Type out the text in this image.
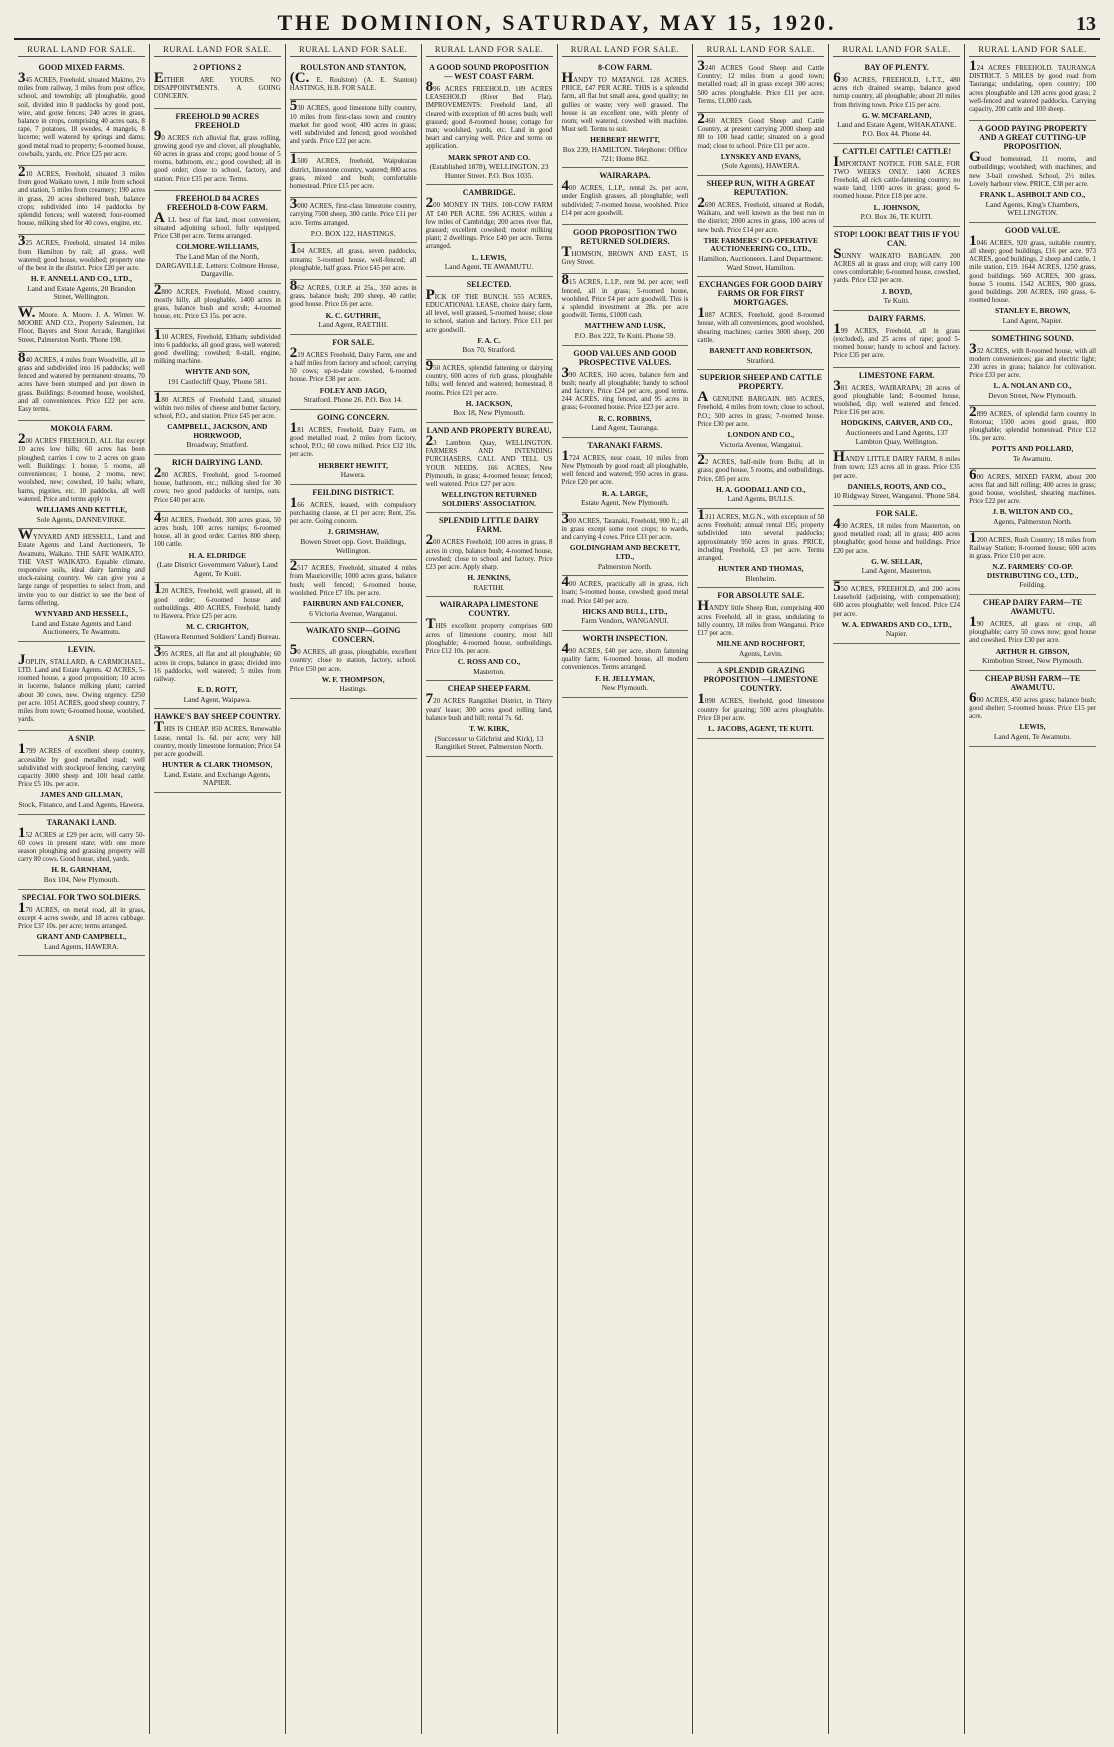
THE DOMINION, SATURDAY, MAY 15, 1920.	13
RURAL LAND FOR SALE.
GOOD MIXED FARMS.
345 ACRES, Freehold, situated Makino, 2½ miles from railway, 3 miles from post office, school, and township; all ploughable, good soil, divided into 8 paddocks by good post, wire, and gorse fences; 240 acres in grass, balance in crops, comprising 40 acres oats, 8 rape, 7 potatoes, 18 swedes, 4 mangels, 8 lucerne; well watered by springs and dams; good metal road to property; 6-roomed house, cowbails, yards, etc. Price £25 per acre.
210 ACRES, Freehold, situated 3 miles from good Waikato town, 1 mile from school and station, 5 miles from creamery; 190 acres in grass, 20 acres sheltered bush, balance crops; subdivided into 14 paddocks by splendid fences; well watered; four-roomed house, milking shed for 40 cows, engine, etc.
325 ACRES, Freehold, situated 14 miles from Hamilton by rail; all grass, well watered; good house, woolshed; property one of the best in the district. Price £20 per acre.
H. F. ANNELL AND CO., LTD.,
Land and Estate Agents, 20 Brandon Street, Wellington.
W. Moore. A. Moore. J. A. Winter. W. MOORE AND CO., Property Salesmen, 1st Floor, Bayers and Stout Arcade, Rangitikei Street, Palmerston North. 'Phone 198.
840 ACRES, 4 miles from Woodville, all in grass and subdivided into 16 paddocks; well fenced and watered by permanent streams, 70 acres have been stumped and put down in grass. Buildings: 8-roomed house, woolshed, and all conveniences. Price £22 per acre. Easy terms.
MOKOIA FARM.
200 ACRES FREEHOLD, ALL flat except 10 acres low hills; 60 acres has been ploughed; carries 1 cow to 2 acres on grass well. Buildings: 1 house, 5 rooms, all conveniences; 1 house, 2 rooms, new; woolshed, new; cowshed, 10 bails; whare, barns, pigsties, etc. 10 paddocks, all well watered. Price and terms apply to
WILLIAMS AND KETTLE,
Sole Agents, DANNEVIRKE.
WYNYARD AND HESSELL, Land and Estate Agents and Land Auctioneers, Te Awamutu, Waikato. THE SAFE WAIKATO. THE VAST WAIKATO. Equable climate, responsive soils, ideal dairy farming and stock-raising country. We can give you a large range of properties to select from, and invite you to our district to see the best of farms offering.
WYNYARD AND HESSELL,
Land and Estate Agents and Land Auctioneers, Te Awamutu.
LEVIN.
JOPLIN, STALLARD, & CARMICHAEL, LTD. Land and Estate Agents. 42 ACRES, 5-roomed house, a good proposition; 10 acres in lucerne, balance milking plant; carried about 30 cows, new. Owing urgency. £250 per acre. 1051 ACRES, good sheep country, 7 miles from town; 6-roomed house, woolshed, yards.
A SNIP.
1799 ACRES of excellent sheep country, accessible by good metalled road; well subdivided with stockproof fencing, carrying capacity 3000 sheep and 100 head cattle. Price £5 10s. per acre.
JAMES AND GILLMAN,
Stock, Finance, and Land Agents, Hawera.
TARANAKI LAND.
152 ACRES at £29 per acre, will carry 50-60 cows in present state; with one more season ploughing and grassing property will carry 80 cows. Good house, shed, yards.
H. R. GARNHAM,
Box 104, New Plymouth.
SPECIAL FOR TWO SOLDIERS.
170 ACRES, on metal road, all in grass, except 4 acres swede, and 18 acres cabbage. Price £37 10s. per acre; terms arranged.
GRANT AND CAMPBELL,
Land Agents, HAWERA.
RURAL LAND FOR SALE.
2 OPTIONS 2
EITHER ARE YOURS. NO DISAPPOINTMENTS. A GOING CONCERN.
FREEHOLD 90 ACRES FREEHOLD
90 ACRES rich alluvial flat, grass rolling, growing good rye and clover, all ploughable, 60 acres in grass and crops; good house of 5 rooms, bathroom, etc.; good cowshed; all in good order; close to school, factory, and station. Price £35 per acre. Terms.
FREEHOLD 84 ACRES FREEHOLD 8-COW FARM.
A LL best of flat land, most convenient, situated adjoining school, fully equipped. Price £38 per acre. Terms arranged.
COLMORE-WILLIAMS,
The Land Man of the North, DARGAVILLE. Letters: Colmore House, Dargaville.
2800 ACRES, Freehold, Mixed country, mostly hilly, all ploughable, 1400 acres in grass, balance bush and scrub; 4-roomed house, etc. Price £3 15s. per acre.
110 ACRES, Freehold, Eltham; subdivided into 6 paddocks, all good grass, well watered; good dwelling; cowshed; 8-stall, engine, milking machine.
WHYTE AND SON,
191 Castlecliff Quay, 'Phone 581.
180 ACRES of Freehold Land, situated within two miles of cheese and butter factory, school, P.O., and station. Price £45 per acre.
CAMPBELL, JACKSON, AND HORRWOOD,
Broadway, Stratford.
RICH DAIRYING LAND.
280 ACRES, Freehold, good 5-roomed house, bathroom, etc.; milking shed for 30 cows; two good paddocks of turnips, oats. Price £40 per acre.
450 ACRES, Freehold, 300 acres grass, 50 acres bush, 100 acres turnips; 6-roomed house, all in good order. Carries 800 sheep, 100 cattle.
H. A. ELDRIDGE
(Late District Government Valuer), Land Agent, Te Kuiti.
120 ACRES, Freehold, well grassed, all in good order; 6-roomed house and outbuildings. 400 ACRES, Freehold, handy to Hawera. Price £25 per acre.
M. C. CRIGHTON,
(Hawera Returned Soldiers' Land) Bureau.
395 ACRES, all flat and all ploughable; 60 acres in crops, balance in grass; divided into 16 paddocks, well watered; 5 miles from railway.
E. D. ROTT,
Land Agent, Waipawa.
HAWKE'S BAY SHEEP COUNTRY.
THIS IS CHEAP. 850 ACRES, Renewable Lease, rental 1s. 6d. per acre; very hill country, mostly limestone formation; Price £4 per acre goodwill.
HUNTER & CLARK THOMSON,
Land, Estate, and Exchange Agents, NAPIER.
RURAL LAND FOR SALE.
ROULSTON AND STANTON,
(C. E. Roulston) (A. E. Stanton) HASTINGS, H.B. FOR SALE.
530 ACRES, good limestone hilly country, 10 miles from first-class town and country market for good wool; 400 acres in grass; well subdivided and fenced; good woolshed and yards. Price £22 per acre.
1500 ACRES, freehold, Waipukurau district, limestone country, watered; 800 acres grass, mixed and bush; comfortable homestead. Price £15 per acre.
3000 ACRES, first-class limestone country, carrying 7500 sheep, 300 cattle. Price £11 per acre. Terms arranged.
P.O. BOX 122, HASTINGS.
104 ACRES, all grass, seven paddocks, streams; 5-roomed house, well-fenced; all ploughable, half grass. Price £45 per acre.
862 ACRES, O.R.P. at 25s., 350 acres in grass, balance bush; 200 sheep, 40 cattle; good house. Price £6 per acre.
K. C. GUTHRIE,
Land Agent, RAETIHI.
FOR SALE.
219 ACRES Freehold, Dairy Farm, one and a half miles from factory and school; carrying 50 cows; up-to-date cowshed, 6-roomed house. Price £38 per acre.
FOLEY AND JAGO,
Stratford. Phone 26. P.O. Box 14.
GOING CONCERN.
181 ACRES, Freehold, Dairy Farm, on good metalled road, 2 miles from factory, school, P.O.; 60 cows milked. Price £32 10s. per acre.
HERBERT HEWITT,
Hawera.
FEILDING DISTRICT.
166 ACRES, leased, with compulsory purchasing clause, at £1 per acre; Rent, 25s. per acre. Going concern.
J. GRIMSHAW,
Bowen Street opp. Govt. Buildings, Wellington.
2517 ACRES, Freehold, situated 4 miles from Mauriceville; 1000 acres grass, balance bush; well fenced; 6-roomed house, woolshed. Price £7 10s. per acre.
FAIRBURN AND FALCONER,
6 Victoria Avenue, Wanganui.
WAIKATO SNIP—GOING CONCERN.
50 ACRES, all grass, ploughable, excellent country; close to station, factory, school. Price £50 per acre.
W. F. THOMPSON,
Hastings.
RURAL LAND FOR SALE.
A GOOD SOUND PROPOSITION— WEST COAST FARM.
896 ACRES FREEHOLD, 189 ACRES LEASEHOLD (River Bed Flat). IMPROVEMENTS: Freehold land, all cleared with exception of 80 acres bush; well grassed; good 8-roomed house; cottage for man; woolshed, yards, etc. Land in good heart and carrying well. Price and terms on application.
MARK SPROT AND CO.
(Established 1878), WELLINGTON. 23 Hunter Street. P.O. Box 1035.
CAMBRIDGE.
200 MONEY IN THIS. 100-COW FARM AT £40 PER ACRE. 596 ACRES, within a few miles of Cambridge; 200 acres river flat, grassed; excellent cowshed; motor milking plant; 2 dwellings. Price £40 per acre. Terms arranged.
L. LEWIS,
Land Agent, TE AWAMUTU.
SELECTED.
PICK OF THE BUNCH. 555 ACRES, EDUCATIONAL LEASE, choice dairy farm, all level, well grassed, 5-roomed house; close to school, station and factory. Price £11 per acre goodwill.
F. A. C.
Box 70, Stratford.
950 ACRES, splendid fattening or dairying country, 600 acres of rich grass, ploughable hills; well fenced and watered; homestead, 8 rooms. Price £21 per acre.
H. JACKSON,
Box 18, New Plymouth.
LAND AND PROPERTY BUREAU,
23 Lambton Quay, WELLINGTON. FARMERS AND INTENDING PURCHASERS, CALL AND TELL US YOUR NEEDS. 166 ACRES, New Plymouth, in grass; 4-roomed house; fenced; well watered. Price £27 per acre.
WELLINGTON RETURNED SOLDIERS' ASSOCIATION.
SPLENDID LITTLE DAIRY FARM.
200 ACRES Freehold; 100 acres in grass, 8 acres in crop, balance bush; 4-roomed house, cowshed; close to school and factory. Price £23 per acre. Apply sharp.
H. JENKINS,
RAETIHI.
WAIRARAPA LIMESTONE COUNTRY.
THIS excellent property comprises 600 acres of limestone country, most hill ploughable; 4-roomed house, outbuildings. Price £12 10s. per acre.
C. ROSS AND CO.,
Masterton.
CHEAP SHEEP FARM.
720 ACRES Rangitikei District, in Thirty years' lease; 300 acres good rolling land, balance bush and hill; rental 7s. 6d.
T. W. KIRK,
(Successor to Gilchrist and Kirk), 13 Rangitikei Street, Palmerston North.
RURAL LAND FOR SALE.
8-COW FARM.
HANDY TO MATANGI. 128 ACRES. PRICE, £47 PER ACRE. THIS is a splendid farm, all flat but small area, good quality; no gullies or waste; very well grassed. The house is an excellent one, with plenty of room; well watered, cowshed with machine. Must sell. Terms to suit.
HERBERT HEWITT,
Box 239, HAMILTON. Telephone: Office 721; Home 862.
WAIRARAPA.
400 ACRES, L.I.P., rental 2s. per acre, under English grasses, all ploughable; well subdivided; 7-roomed house, woolshed. Price £14 per acre goodwill.
GOOD PROPOSITION TWO RETURNED SOLDIERS.
THOMSON, BROWN AND EAST, 15 Grey Street.
815 ACRES, L.I.P., rent 9d. per acre; well fenced, all in grass; 5-roomed house, woolshed. Price £4 per acre goodwill. This is a splendid investment at 28s. per acre goodwill. Terms, £1000 cash.
MATTHEW AND LUSK,
P.O. Box 222, Te Kuiti. Phone 59.
GOOD VALUES AND GOOD PROSPECTIVE VALUES.
390 ACRES, 160 acres, balance fern and bush; nearly all ploughable; handy to school and factory. Price £24 per acre, good terms. 244 ACRES, ring fenced, and 95 acres in grass; 6-roomed house. Price £23 per acre.
R. C. ROBBINS,
Land Agent, Tauranga.
TARANAKI FARMS.
1724 ACRES, near coast, 10 miles from New Plymouth by good road; all ploughable, well fenced and watered; 950 acres in grass. Price £20 per acre.
R. A. LARGE,
Estate Agent, New Plymouth.
300 ACRES, Taranaki, Freehold, 900 ft.; all in grass except some root crops; to wards, and carrying 4 cows. Price £33 per acre.
GOLDINGHAM AND BECKETT, LTD.,
Palmerston North.
400 ACRES, practically all in grass, rich loam; 5-roomed house, cowshed; good metal road. Price £40 per acre.
HICKS AND BULL, LTD.,
Farm Vendors, WANGANUI.
WORTH INSPECTION.
490 ACRES, £40 per acre, shorn fattening quality farm; 6-roomed house, all modern conveniences. Terms arranged.
F. H. JELLYMAN,
New Plymouth.
RURAL LAND FOR SALE.
3240 ACRES Good Sheep and Cattle Country; 12 miles from a good town; metalled road; all in grass except 300 acres; 500 acres ploughable. Price £11 per acre. Terms, £1,000 cash.
2460 ACRES Good Sheep and Cattle Country, at present carrying 2000 sheep and 80 to 100 head cattle; situated on a good road; close to school. Price £11 per acre.
LYNSKEY AND EVANS,
(Sole Agents), HAWERA.
SHEEP RUN, WITH A GREAT REPUTATION.
2690 ACRES, Freehold, situated at Rodah, Waikato, and well known as the best run in the district; 2000 acres in grass, 100 acres of new bush. Price £14 per acre.
THE FARMERS' CO-OPERATIVE AUCTIONEERING CO., LTD.,
Hamilton, Auctioneers. Land Department: Ward Street, Hamilton.
EXCHANGES FOR GOOD DAIRY FARMS OR FOR FIRST MORTGAGES.
1887 ACRES, Freehold, good 8-roomed house, with all conveniences, good woolshed, shearing machines; carries 3000 sheep, 200 cattle.
BARNETT AND ROBERTSON,
Stratford.
SUPERIOR SHEEP AND CATTLE PROPERTY.
A GENUINE BARGAIN. 885 ACRES, Freehold, 4 miles from town; close to school, P.O.; 500 acres in grass; 7-roomed house. Price £30 per acre.
LONDON AND CO.,
Victoria Avenue, Wanganui.
22 ACRES, half-mile from Bulls; all in grass; good house, 5 rooms, and outbuildings. Price, £85 per acre.
H. A. GOODALL AND CO.,
Land Agents, BULLS.
1311 ACRES, M.G.N., with exception of 50 acres Freehold; annual rental £95; property subdivided into several paddocks; approximately 950 acres in grass. PRICE, including Freehold, £3 per acre. Terms arranged.
HUNTER AND THOMAS,
Blenheim.
FOR ABSOLUTE SALE.
HANDY little Sheep Run, comprising 400 acres Freehold, all in grass, undulating to hilly country, 18 miles from Wanganui. Price £17 per acre.
MILNE AND ROCHFORT,
Agents, Levin.
A SPLENDID GRAZING PROPOSITION —LIMESTONE COUNTRY.
1098 ACRES, freehold, good limestone country for grazing; 500 acres ploughable. Price £8 per acre.
L. JACOBS, AGENT, TE KUITI.
RURAL LAND FOR SALE.
BAY OF PLENTY.
630 ACRES, FREEHOLD, L.T.T., 480 acres rich drained swamp, balance good turnip country, all ploughable; about 20 miles from thriving town. Price £15 per acre.
G. W. MCFARLAND,
Land and Estate Agent, WHAKATANE. P.O. Box 44. Phone 44.
CATTLE! CATTLE! CATTLE!
IMPORTANT NOTICE. FOR SALE, FOR TWO WEEKS ONLY. 1400 ACRES Freehold, all rich cattle-fattening country; no waste land; 1100 acres in grass; good 6-roomed house. Price £18 per acre.
L. JOHNSON,
P.O. Box 36, TE KUITI.
STOP! LOOK! BEAT THIS IF YOU CAN.
SUNNY WAIKATO BARGAIN. 200 ACRES all in grass and crop; will carry 100 cows comfortable; 6-roomed house, cowshed, yards. Price £32 per acre.
J. BOYD,
Te Kuiti.
DAIRY FARMS.
199 ACRES, Freehold, all in grass (excluded), and 25 acres of rape; good 5-roomed house; handy to school and factory. Price £35 per acre.
LIMESTONE FARM.
381 ACRES, WAIRARAPA; 28 acres of good ploughable land; 8-roomed house, woolshed, dip; well watered and fenced. Price £16 per acre.
HODGKINS, CARVER, AND CO.,
Auctioneers and Land Agents, 137 Lambton Quay, Wellington.
HANDY LITTLE DAIRY FARM, 8 miles from town; 123 acres all in grass. Price £35 per acre.
DANIELS, ROOTS, AND CO.,
10 Ridgway Street, Wanganui. 'Phone 584.
FOR SALE.
430 ACRES, 18 miles from Masterton, on good metalled road; all in grass; 400 acres ploughable; good house and buildings. Price £20 per acre.
G. W. SELLAR,
Land Agent, Masterton.
550 ACRES, FREEHOLD, and 200 acres Leasehold (adjoining, with compensation); 600 acres ploughable; well fenced. Price £24 per acre.
W. A. EDWARDS AND CO., LTD.,
Napier.
RURAL LAND FOR SALE.
124 ACRES FREEHOLD. TAURANGA DISTRICT. 5 MILES by good road from Tauranga; undulating, open country; 100 acres ploughable and 120 acres good grass; 2 well-fenced and watered paddocks. Carrying capacity, 200 cattle and 100 sheep.
A GOOD PAYING PROPERTY AND A GREAT CUTTING-UP PROPOSITION.
Good homestead, 11 rooms, and outbuildings; woolshed; with machines; and new 3-bail cowshed. School, 2½ miles. Lovely harbour view. PRICE, £38 per acre.
FRANK L. ASHBOLT AND CO.,
Land Agents, King's Chambers, WELLINGTON.
GOOD VALUE.
1046 ACRES, 920 grass, suitable country, all sheep; good buildings, £16 per acre. 973 ACRES, good buildings, 2 sheep and cattle, 1 mile station, £19. 1644 ACRES, 1250 grass, good buildings. 560 ACRES, 300 grass, house 5 rooms. 1542 ACRES, 900 grass, good buildings. 200 ACRES, 160 grass, 6-roomed house.
STANLEY E. BROWN,
Land Agent, Napier.
SOMETHING SOUND.
332 ACRES, with 8-roomed house, with all modern conveniences; gas and electric light; 230 acres in grass; balance for cultivation. Price £33 per acre.
L. A. NOLAN AND CO.,
Devon Street, New Plymouth.
2899 ACRES, of splendid farm country in Rotorua; 1500 acres good grass, 800 ploughable; splendid homestead. Price £12 10s. per acre.
POTTS AND POLLARD,
Te Awamutu.
600 ACRES, MIXED FARM, about 200 acres flat and hill rolling; 400 acres in grass; good house, woolshed, shearing machines. Price £22 per acre.
J. B. WILTON AND CO.,
Agents, Palmerston North.
1200 ACRES, Rush Country; 18 miles from Railway Station; 8-roomed house; 600 acres in grass. Price £10 per acre.
N.Z. FARMERS' CO-OP. DISTRIBUTING CO., LTD.,
Feilding.
CHEAP DAIRY FARM—TE AWAMUTU.
190 ACRES, all grass or crop, all ploughable; carry 50 cows now; good house and cowshed. Price £30 per acre.
ARTHUR H. GIBSON,
Kimbolton Street, New Plymouth.
CHEAP BUSH FARM—TE AWAMUTU.
600 ACRES, 450 acres grass; balance bush; good shelter; 5-roomed house. Price £15 per acre.
LEWIS,
Land Agent, Te Awamutu.
